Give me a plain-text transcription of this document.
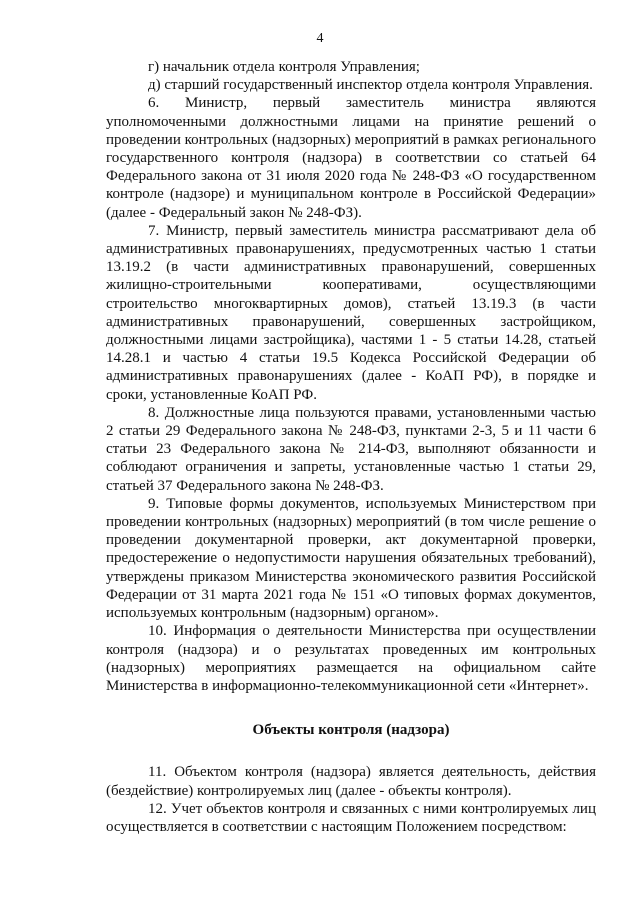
4

г) начальник отдела контроля Управления;

д) старший государственный инспектор отдела контроля Управления.

6. Министр, первый заместитель министра являются уполномоченными должностными лицами на принятие решений о проведении контрольных (надзорных) мероприятий в рамках регионального государственного контроля (надзора) в соответствии со статьей 64 Федерального закона от 31 июля 2020 года № 248-ФЗ «О государственном контроле (надзоре) и муниципальном контроле в Российской Федерации» (далее - Федеральный закон № 248-ФЗ).

7. Министр, первый заместитель министра рассматривают дела об административных правонарушениях, предусмотренных частью 1 статьи 13.19.2 (в части административных правонарушений, совершенных жилищно-строительными кооперативами, осуществляющими строительство многоквартирных домов), статьей 13.19.3 (в части административных правонарушений, совершенных застройщиком, должностными лицами застройщика), частями 1 - 5 статьи 14.28, статьей 14.28.1 и частью 4 статьи 19.5 Кодекса Российской Федерации об административных правонарушениях (далее - КоАП РФ), в порядке и сроки, установленные КоАП РФ.

8. Должностные лица пользуются правами, установленными частью 2 статьи 29 Федерального закона № 248-ФЗ, пунктами 2-3, 5 и 11 части 6 статьи 23 Федерального закона № 214-ФЗ, выполняют обязанности и соблюдают ограничения и запреты, установленные частью 1 статьи 29, статьей 37 Федерального закона № 248-ФЗ.

9. Типовые формы документов, используемых Министерством при проведении контрольных (надзорных) мероприятий (в том числе решение о проведении документарной проверки, акт документарной проверки, предостережение о недопустимости нарушения обязательных требований), утверждены приказом Министерства экономического развития Российской Федерации от 31 марта 2021 года № 151 «О типовых формах документов, используемых контрольным (надзорным) органом».

10. Информация о деятельности Министерства при осуществлении контроля (надзора) и о результатах проведенных им контрольных (надзорных) мероприятиях размещается на официальном сайте Министерства в информационно-телекоммуникационной сети «Интернет».

Объекты контроля (надзора)

11. Объектом контроля (надзора) является деятельность, действия (бездействие) контролируемых лиц (далее - объекты контроля).

12. Учет объектов контроля и связанных с ними контролируемых лиц осуществляется в соответствии с настоящим Положением посредством:
